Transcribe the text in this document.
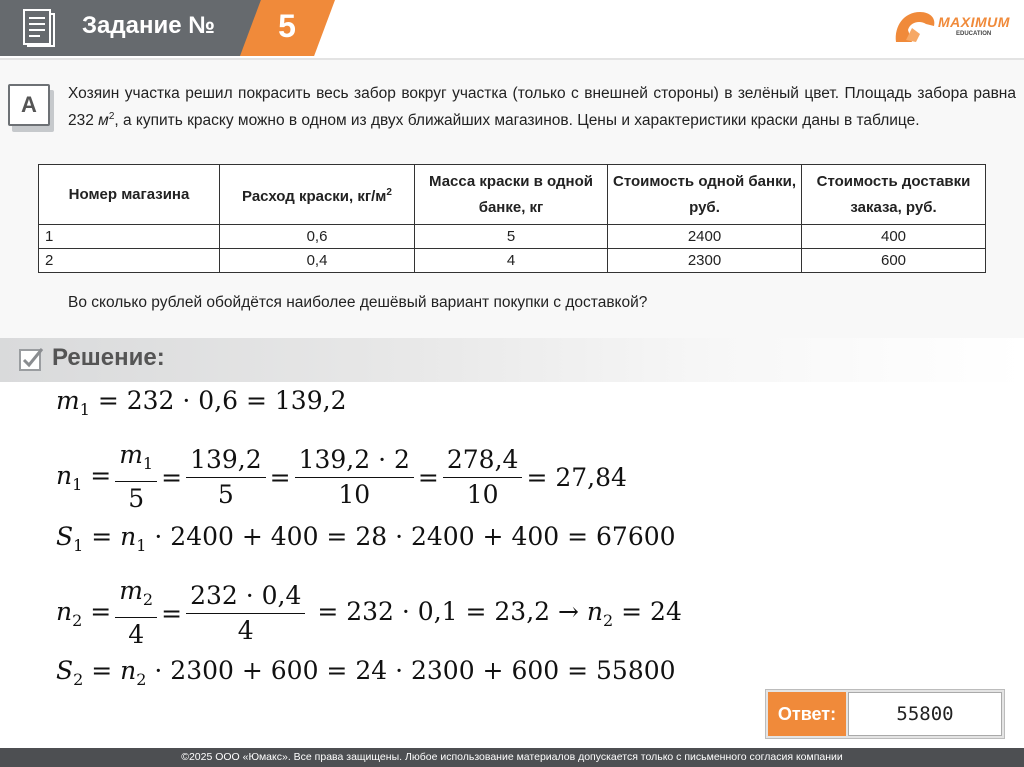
Задание №	5	MAXIMUM
EDUCATION
A	Хозяин участка решил покрасить весь забор вокруг участка (только с внешней стороны) в зелёный цвет. Площадь забора равна 232 $м^2$, а купить краску можно в одном из двух ближайших магазинов. Цены и характеристики краски даны в таблице.
Номер магазина	Расход краски, $кг/м^2$	Масса краски в одной банке, кг	Стоимость одной банки, руб.	Стоимость доставки заказа, руб.
1	0,6	5	2400	400
2	0,4	4	2300	600
Во сколько рублей обойдётся наиболее дешёвый вариант покупки с доставкой?
Решение:
$m_1 = 232 \cdot 0,6 = 139,2$
$n_1 = \frac{m_1}{5} = \frac{139,2}{5} = \frac{139,2 \cdot 2}{10} = \frac{278,4}{10} = 27,84$
$S_1 = n_1 \cdot 2400 + 400 = 28 \cdot 2400 + 400 = 67600$
$n_2 = \frac{m_2}{4} = \frac{232 \cdot 0,4}{4} = 232 \cdot 0,1 = 23,2 \to n_2 = 24$
$S_2 = n_2 \cdot 2300 + 600 = 24 \cdot 2300 + 600 = 55800$
Ответ:	55800
©2025 ООО «Юмакс». Все права защищены. Любое использование материалов допускается только с письменного согласия компании
